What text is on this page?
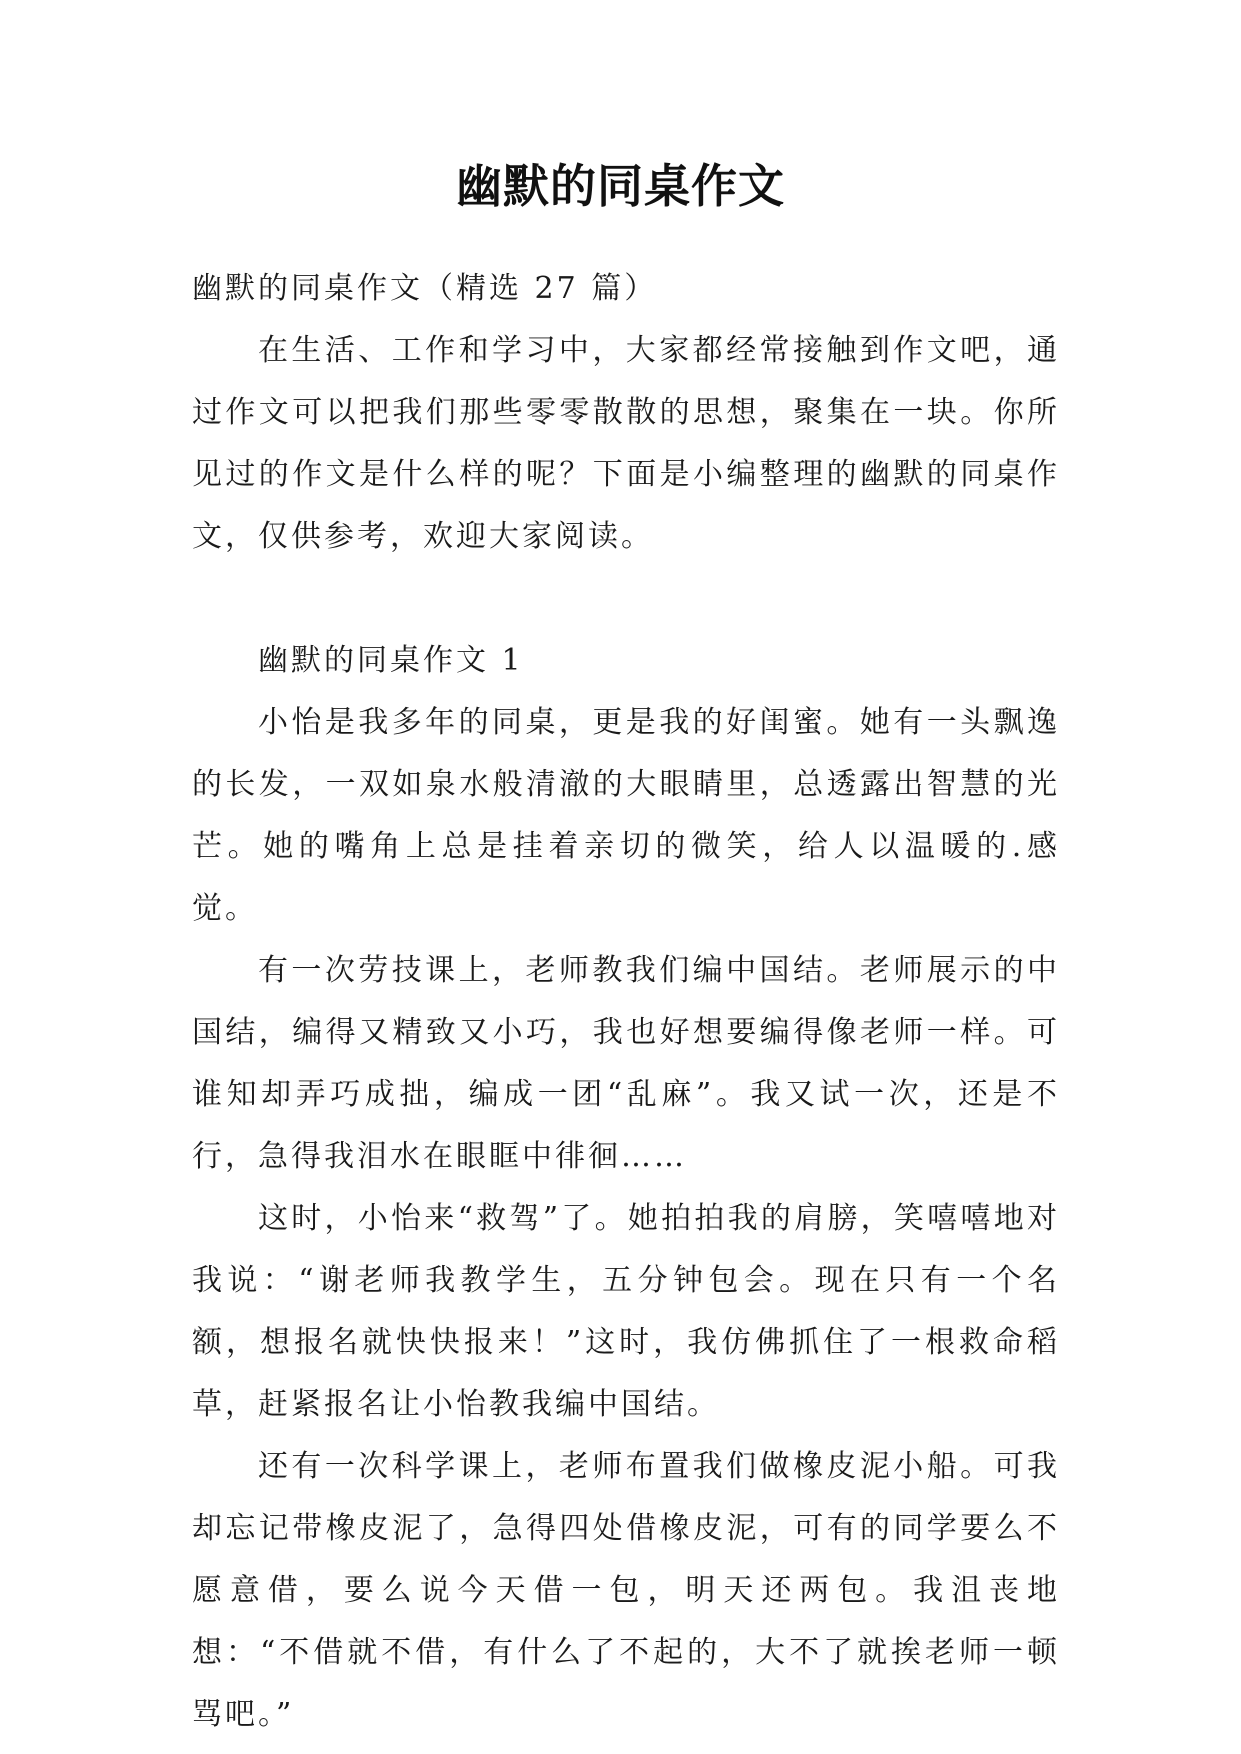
幽默的同桌作文

幽默的同桌作文（精选 27 篇）

在生活、工作和学习中，大家都经常接触到作文吧，通过作文可以把我们那些零零散散的思想，聚集在一块。你所见过的作文是什么样的呢？下面是小编整理的幽默的同桌作文，仅供参考，欢迎大家阅读。

幽默的同桌作文 1

小怡是我多年的同桌，更是我的好闺蜜。她有一头飘逸的长发，一双如泉水般清澈的大眼睛里，总透露出智慧的光芒。她的嘴角上总是挂着亲切的微笑，给人以温暖的.感觉。

有一次劳技课上，老师教我们编中国结。老师展示的中国结，编得又精致又小巧，我也好想要编得像老师一样。可谁知却弄巧成拙，编成一团“乱麻”。我又试一次，还是不行，急得我泪水在眼眶中徘徊……

这时，小怡来“救驾”了。她拍拍我的肩膀，笑嘻嘻地对我说：“谢老师我教学生，五分钟包会。现在只有一个名额，想报名就快快报来！”这时，我仿佛抓住了一根救命稻草，赶紧报名让小怡教我编中国结。

还有一次科学课上，老师布置我们做橡皮泥小船。可我却忘记带橡皮泥了，急得四处借橡皮泥，可有的同学要么不愿意借，要么说今天借一包，明天还两包。我沮丧地想：“不借就不借，有什么了不起的，大不了就挨老师一顿骂吧。”
